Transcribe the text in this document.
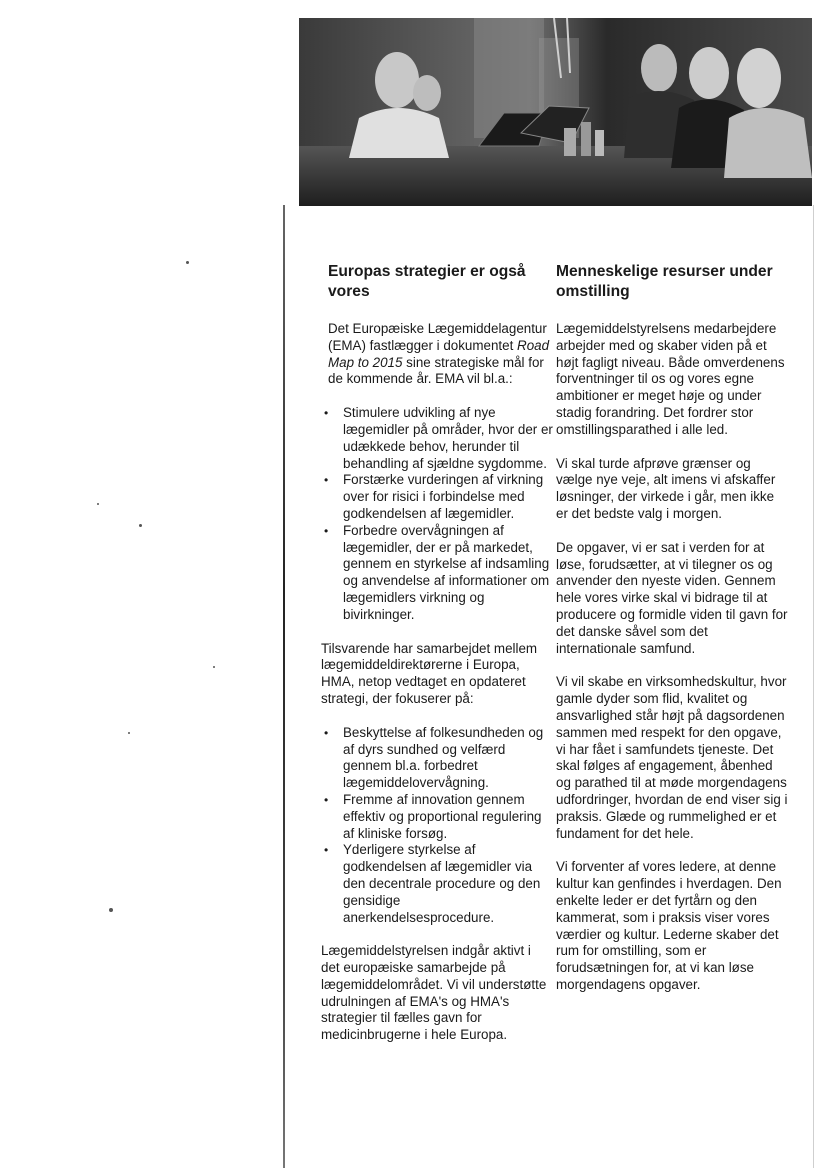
Europas strategier er også vores

Det Europæiske Lægemiddelagentur (EMA) fastlægger i dokumentet Road Map to 2015 sine strategiske mål for de kommende år. EMA vil bl.a.:

• Stimulere udvikling af nye lægemidler på områder, hvor der er udækkede behov, herunder til behandling af sjældne sygdomme.
• Forstærke vurderingen af virkning over for risici i forbindelse med godkendelsen af lægemidler.
• Forbedre overvågningen af lægemidler, der er på markedet, gennem en styrkelse af indsamling og anvendelse af informationer om lægemidlers virkning og bivirkninger.

Tilsvarende har samarbejdet mellem lægemiddeldirektørerne i Europa, HMA, netop vedtaget en opdateret strategi, der fokuserer på:

• Beskyttelse af folkesundheden og af dyrs sundhed og velfærd gennem bl.a. forbedret lægemiddelovervågning.
• Fremme af innovation gennem effektiv og proportional regulering af kliniske forsøg.
• Yderligere styrkelse af godkendelsen af lægemidler via den decentrale procedure og den gensidige anerkendelsesprocedure.

Lægemiddelstyrelsen indgår aktivt i det europæiske samarbejde på lægemiddelområdet. Vi vil understøtte udrulningen af EMA's og HMA's strategier til fælles gavn for medicinbrugerne i hele Europa.

Menneskelige resurser under omstilling

Lægemiddelstyrelsens medarbejdere arbejder med og skaber viden på et højt fagligt niveau. Både omverdenens forventninger til os og vores egne ambitioner er meget høje og under stadig forandring. Det fordrer stor omstillingsparathed i alle led.

Vi skal turde afprøve grænser og vælge nye veje, alt imens vi afskaffer løsninger, der virkede i går, men ikke er det bedste valg i morgen.

De opgaver, vi er sat i verden for at løse, forudsætter, at vi tilegner os og anvender den nyeste viden. Gennem hele vores virke skal vi bidrage til at producere og formidle viden til gavn for det danske såvel som det internationale samfund.

Vi vil skabe en virksomhedskultur, hvor gamle dyder som flid, kvalitet og ansvarlighed står højt på dagsordenen sammen med respekt for den opgave, vi har fået i samfundets tjeneste. Det skal følges af engagement, åbenhed og parathed til at møde morgendagens udfordringer, hvordan de end viser sig i praksis. Glæde og rummelighed er et fundament for det hele.

Vi forventer af vores ledere, at denne kultur kan genfindes i hverdagen. Den enkelte leder er det fyrtårn og den kammerat, som i praksis viser vores værdier og kultur. Lederne skaber det rum for omstilling, som er forudsætningen for, at vi kan løse morgendagens opgaver.
